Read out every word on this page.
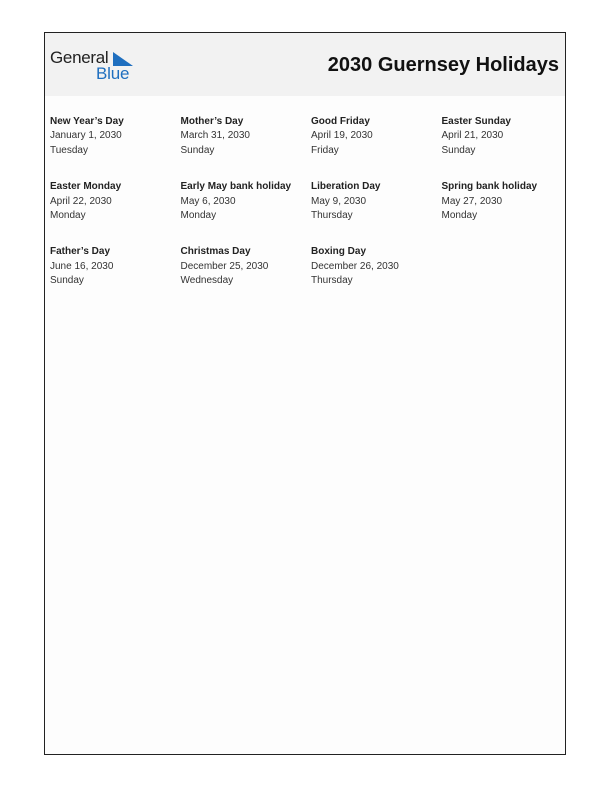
General
Blue	2030 Guernsey Holidays
New Year’s Day
January 1, 2030
Tuesday
Mother’s Day
March 31, 2030
Sunday
Good Friday
April 19, 2030
Friday
Easter Sunday
April 21, 2030
Sunday
Easter Monday
April 22, 2030
Monday
Early May bank holiday
May 6, 2030
Monday
Liberation Day
May 9, 2030
Thursday
Spring bank holiday
May 27, 2030
Monday
Father’s Day
June 16, 2030
Sunday
Christmas Day
December 25, 2030
Wednesday
Boxing Day
December 26, 2030
Thursday
